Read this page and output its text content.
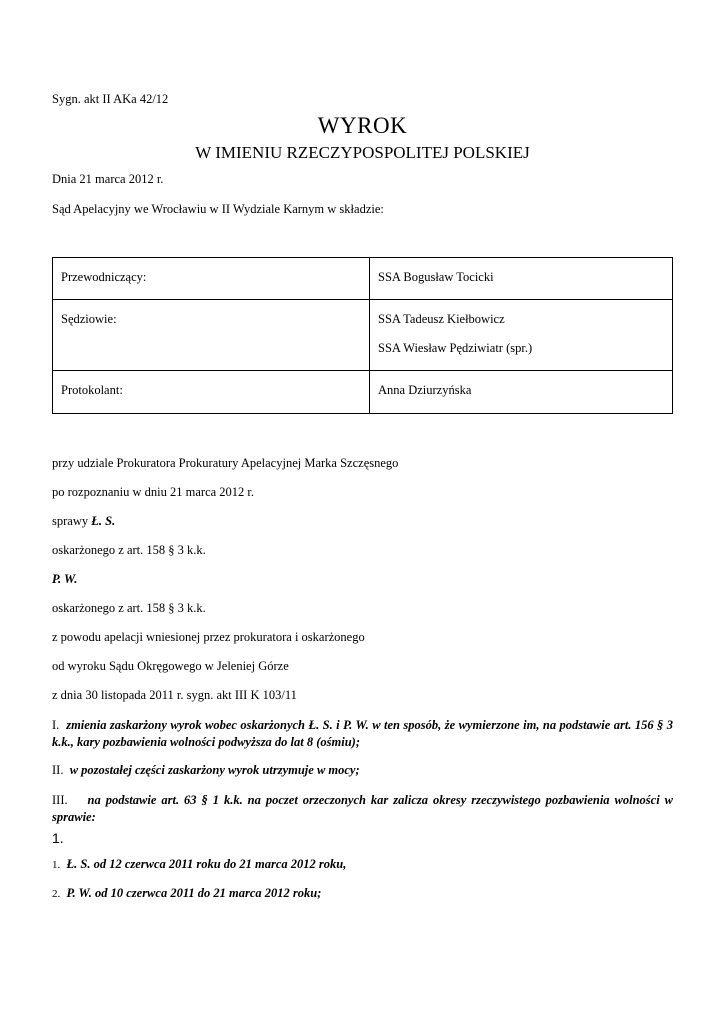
Sygn. akt II AKa 42/12

WYROK
W IMIENIU RZECZYPOSPOLITEJ POLSKIEJ

Dnia 21 marca 2012 r.

Sąd Apelacyjny we Wrocławiu w II Wydziale Karnym w składzie:

Przewodniczący:	SSA Bogusław Tocicki
Sędziowie:	SSA Tadeusz Kiełbowicz
SSA Wiesław Pędziwiatr (spr.)

Protokolant:	Anna Dziurzyńska

przy udziale Prokuratora Prokuratury Apelacyjnej Marka Szczęsnego

po rozpoznaniu w dniu 21 marca 2012 r.

sprawy Ł. S.

oskarżonego z art. 158 § 3 k.k.

P. W.

oskarżonego z art. 158 § 3 k.k.

z powodu apelacji wniesionej przez prokuratora i oskarżonego

od wyroku Sądu Okręgowego w Jeleniej Górze

z dnia 30 listopada 2011 r. sygn. akt III K 103/11

I. zmienia zaskarżony wyrok wobec oskarżonych Ł. S. i P. W. w ten sposób, że wymierzone im, na podstawie art. 156 § 3 k.k., kary pozbawienia wolności podwyższa do lat 8 (ośmiu);

II. w pozostałej części zaskarżony wyrok utrzymuje w mocy;

III. na podstawie art. 63 § 1 k.k. na poczet orzeczonych kar zalicza okresy rzeczywistego pozbawienia wolności w sprawie:

1.

1. Ł. S. od 12 czerwca 2011 roku do 21 marca 2012 roku,

2. P. W. od 10 czerwca 2011 do 21 marca 2012 roku;
